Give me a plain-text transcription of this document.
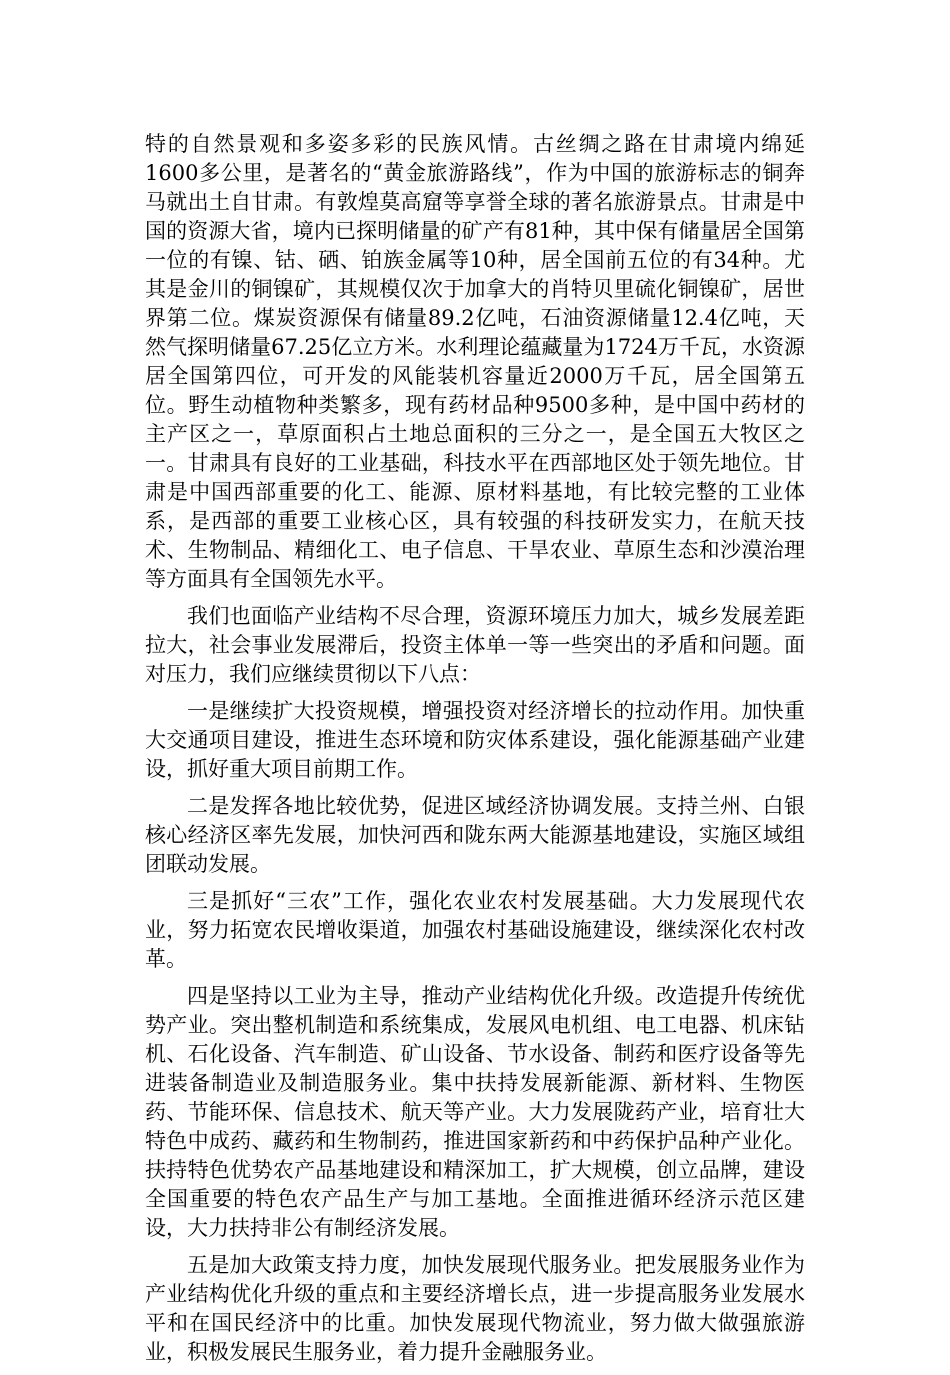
特的自然景观和多姿多彩的民族风情。古丝绸之路在甘肃境内绵延1600多公里，是著名的“黄金旅游路线”，作为中国的旅游标志的铜奔马就出土自甘肃。有敦煌莫高窟等享誉全球的著名旅游景点。甘肃是中国的资源大省，境内已探明储量的矿产有81种，其中保有储量居全国第一位的有镍、钴、硒、铂族金属等10种，居全国前五位的有34种。尤其是金川的铜镍矿，其规模仅次于加拿大的肖特贝里硫化铜镍矿，居世界第二位。煤炭资源保有储量89.2亿吨，石油资源储量12.4亿吨，天然气探明储量67.25亿立方米。水利理论蕴藏量为1724万千瓦，水资源居全国第四位，可开发的风能装机容量近2000万千瓦，居全国第五位。野生动植物种类繁多，现有药材品种9500多种，是中国中药材的主产区之一，草原面积占土地总面积的三分之一，是全国五大牧区之一。甘肃具有良好的工业基础，科技水平在西部地区处于领先地位。甘肃是中国西部重要的化工、能源、原材料基地，有比较完整的工业体系，是西部的重要工业核心区，具有较强的科技研发实力，在航天技术、生物制品、精细化工、电子信息、干旱农业、草原生态和沙漠治理等方面具有全国领先水平。

我们也面临产业结构不尽合理，资源环境压力加大，城乡发展差距拉大，社会事业发展滞后，投资主体单一等一些突出的矛盾和问题。面对压力，我们应继续贯彻以下八点：

一是继续扩大投资规模，增强投资对经济增长的拉动作用。加快重大交通项目建设，推进生态环境和防灾体系建设，强化能源基础产业建设，抓好重大项目前期工作。

二是发挥各地比较优势，促进区域经济协调发展。支持兰州、白银核心经济区率先发展，加快河西和陇东两大能源基地建设，实施区域组团联动发展。

三是抓好“三农”工作，强化农业农村发展基础。大力发展现代农业，努力拓宽农民增收渠道，加强农村基础设施建设，继续深化农村改革。

四是坚持以工业为主导，推动产业结构优化升级。改造提升传统优势产业。突出整机制造和系统集成，发展风电机组、电工电器、机床钻机、石化设备、汽车制造、矿山设备、节水设备、制药和医疗设备等先进装备制造业及制造服务业。集中扶持发展新能源、新材料、生物医药、节能环保、信息技术、航天等产业。大力发展陇药产业，培育壮大特色中成药、藏药和生物制药，推进国家新药和中药保护品种产业化。扶持特色优势农产品基地建设和精深加工，扩大规模，创立品牌，建设全国重要的特色农产品生产与加工基地。全面推进循环经济示范区建设，大力扶持非公有制经济发展。

五是加大政策支持力度，加快发展现代服务业。把发展服务业作为产业结构优化升级的重点和主要经济增长点，进一步提高服务业发展水平和在国民经济中的比重。加快发展现代物流业，努力做大做强旅游业，积极发展民生服务业，着力提升金融服务业。
